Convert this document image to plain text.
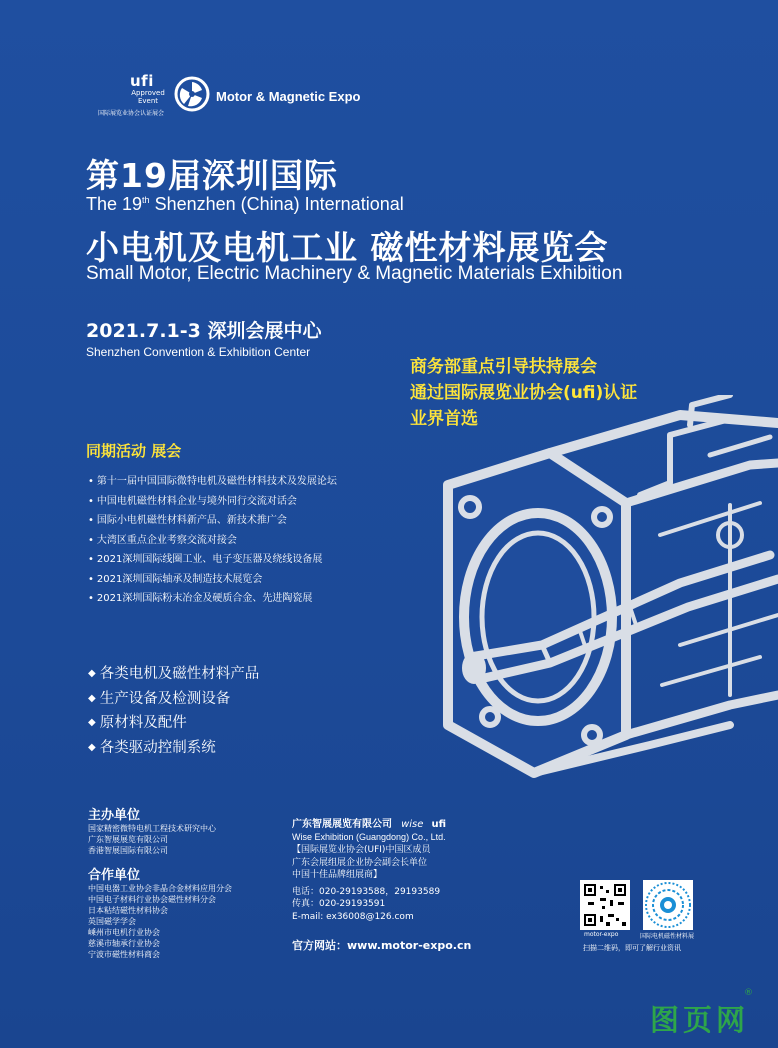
ufi
Approved Event
国际展览业协会认证展会
Motor & Magnetic Expo
第19届深圳国际
The 19th Shenzhen (China) International
小电机及电机工业 磁性材料展览会
Small Motor, Electric Machinery & Magnetic Materials Exhibition
2021.7.1-3 深圳会展中心
Shenzhen Convention & Exhibition Center
商务部重点引导扶持展会
通过国际展览业协会(ufi)认证
业界首选
同期活动 展会
• 第十一届中国国际微特电机及磁性材料技术及发展论坛
• 中国电机磁性材料企业与境外同行交流对话会
• 国际小电机磁性材料新产品、新技术推广会
• 大湾区重点企业考察交流对接会
• 2021深圳国际线圈工业、电子变压器及绕线设备展
• 2021深圳国际轴承及制造技术展览会
• 2021深圳国际粉末冶金及硬质合金、先进陶瓷展
◆ 各类电机及磁性材料产品
◆ 生产设备及检测设备
◆ 原材料及配件
◆ 各类驱动控制系统
主办单位
国家精密微特电机工程技术研究中心
广东智展展览有限公司
香港智展国际有限公司
合作单位
中国电器工业协会非晶合金材料应用分会
中国电子材料行业协会磁性材料分会
日本粘结磁性材料协会
英国磁学学会
嵊州市电机行业协会
慈溪市轴承行业协会
宁波市磁性材料商会
广东智展展览有限公司 wise ufi
Wise Exhibition (Guangdong) Co., Ltd.
【国际展览业协会(UFI)中国区成员
广东会展组展企业协会副会长单位
中国十佳品牌组展商】
电话：020-29193588，29193589
传真：020-29193591
E-mail: ex36008@126.com
官方网站：www.motor-expo.cn
motor-expo	国际电机磁性材料展
扫描二维码，即可了解行业资讯
图页网
®
